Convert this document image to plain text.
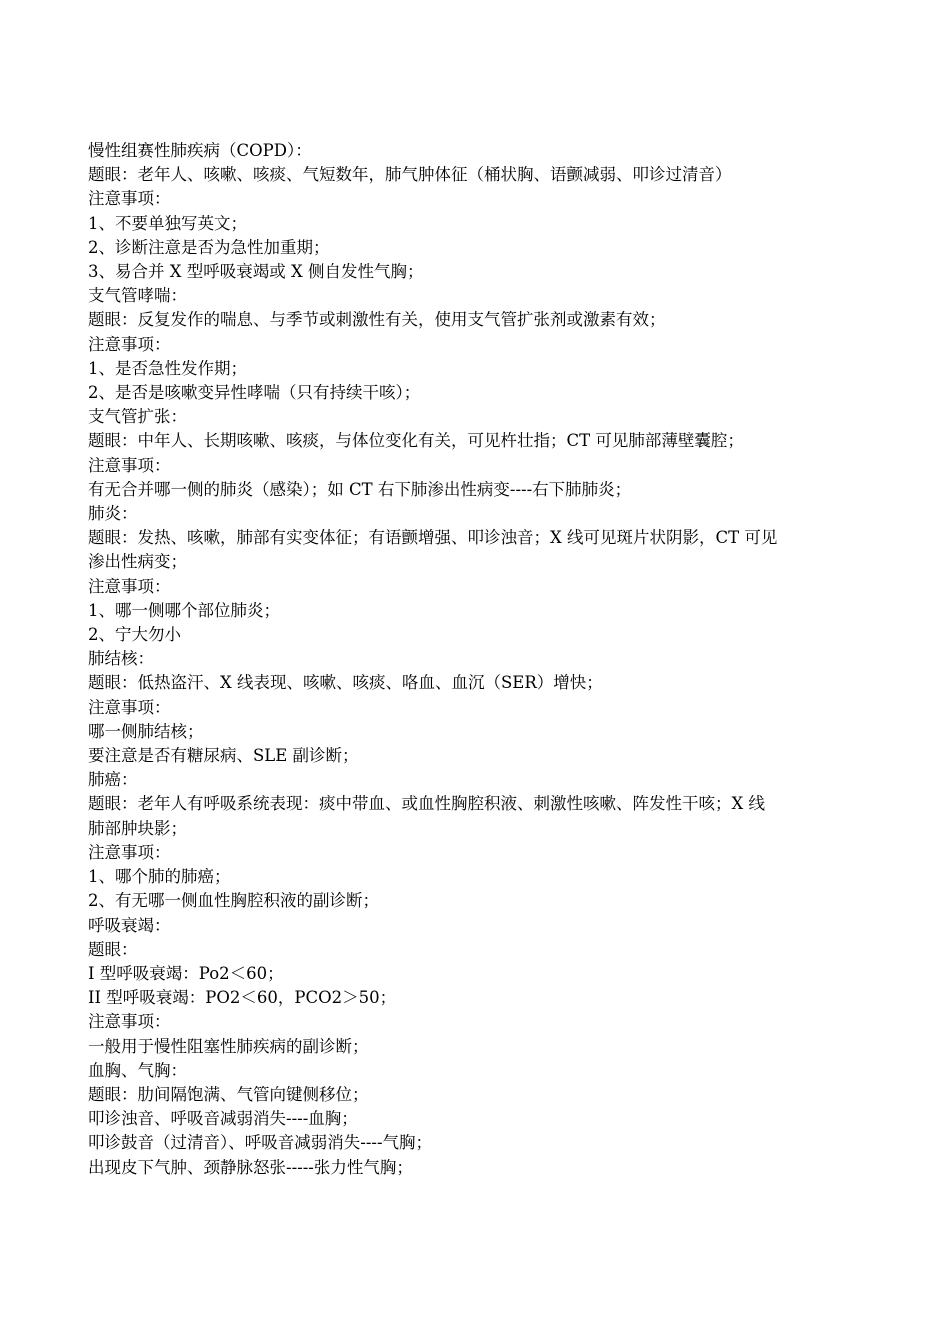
慢性组赛性肺疾病（COPD）：

题眼：老年人、咳嗽、咳痰、气短数年，肺气肿体征（桶状胸、语颤减弱、叩诊过清音）

注意事项：

1、不要单独写英文；

2、诊断注意是否为急性加重期；

3、易合并 X 型呼吸衰竭或 X 侧自发性气胸；

支气管哮喘：

题眼：反复发作的喘息、与季节或刺激性有关，使用支气管扩张剂或激素有效；

注意事项：

1、是否急性发作期；

2、是否是咳嗽变异性哮喘（只有持续干咳）；

支气管扩张：

题眼：中年人、长期咳嗽、咳痰，与体位变化有关，可见杵壮指；CT 可见肺部薄壁囊腔；

注意事项：

有无合并哪一侧的肺炎（感染）；如 CT 右下肺渗出性病变----右下肺肺炎；

肺炎：

题眼：发热、咳嗽，肺部有实变体征；有语颤增强、叩诊浊音；X 线可见斑片状阴影，CT 可见

渗出性病变；

注意事项：

1、哪一侧哪个部位肺炎；

2、宁大勿小

肺结核：

题眼：低热盗汗、X 线表现、咳嗽、咳痰、咯血、血沉（SER）增快；

注意事项：

哪一侧肺结核；

要注意是否有糖尿病、SLE 副诊断；

肺癌：

题眼：老年人有呼吸系统表现：痰中带血、或血性胸腔积液、刺激性咳嗽、阵发性干咳；X 线

肺部肿块影；

注意事项：

1、哪个肺的肺癌；

2、有无哪一侧血性胸腔积液的副诊断；

呼吸衰竭：

题眼：

I 型呼吸衰竭：Po2＜60；

II 型呼吸衰竭：PO2＜60，PCO2＞50；

注意事项：

一般用于慢性阻塞性肺疾病的副诊断；

血胸、气胸：

题眼：肋间隔饱满、气管向键侧移位；

叩诊浊音、呼吸音减弱消失----血胸；

叩诊鼓音（过清音）、呼吸音减弱消失----气胸；

出现皮下气肿、颈静脉怒张-----张力性气胸；
